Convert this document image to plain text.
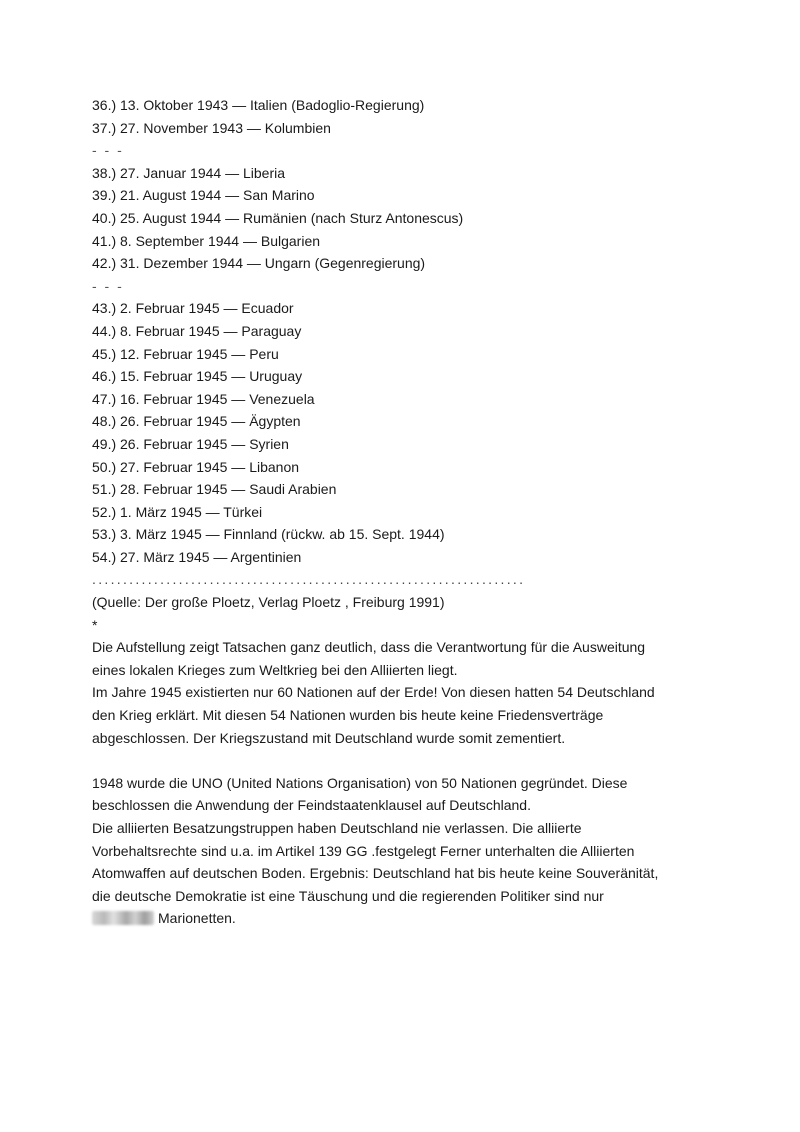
36.) 13. Oktober 1943 — Italien (Badoglio-Regierung)
37.) 27. November 1943 — Kolumbien
- - -
38.) 27. Januar 1944 — Liberia
39.) 21. August 1944 — San Marino
40.) 25. August 1944 — Rumänien (nach Sturz Antonescus)
41.) 8. September 1944 — Bulgarien
42.) 31. Dezember 1944 — Ungarn (Gegenregierung)
- - -
43.) 2. Februar 1945 — Ecuador
44.) 8. Februar 1945 — Paraguay
45.) 12. Februar 1945 — Peru
46.) 15. Februar 1945 — Uruguay
47.) 16. Februar 1945 — Venezuela
48.) 26. Februar 1945 — Ägypten
49.) 26. Februar 1945 — Syrien
50.) 27. Februar 1945 — Libanon
51.) 28. Februar 1945 — Saudi Arabien
52.) 1. März 1945 — Türkei
53.) 3. März 1945 — Finnland (rückw. ab 15. Sept. 1944)
54.) 27. März 1945 — Argentinien
......................................................................
(Quelle: Der große Ploetz, Verlag Ploetz , Freiburg 1991)
*
Die Aufstellung zeigt Tatsachen ganz deutlich, dass die Verantwortung für die Ausweitung
eines lokalen Krieges zum Weltkrieg bei den Alliierten liegt.
Im Jahre 1945 existierten nur 60 Nationen auf der Erde! Von diesen hatten 54 Deutschland
den Krieg erklärt. Mit diesen 54 Nationen wurden bis heute keine Friedensverträge
abgeschlossen. Der Kriegszustand mit Deutschland wurde somit zementiert.
1948 wurde die UNO (United Nations Organisation) von 50 Nationen gegründet. Diese
beschlossen die Anwendung der Feindstaatenklausel auf Deutschland.
Die alliierten Besatzungstruppen haben Deutschland nie verlassen. Die alliierte
Vorbehaltsrechte sind u.a. im Artikel 139 GG .festgelegt Ferner unterhalten die Alliierten
Atomwaffen auf deutschen Boden. Ergebnis: Deutschland hat bis heute keine Souveränität,
die deutsche Demokratie ist eine Täuschung und die regierenden Politiker sind nur
Marionetten.
